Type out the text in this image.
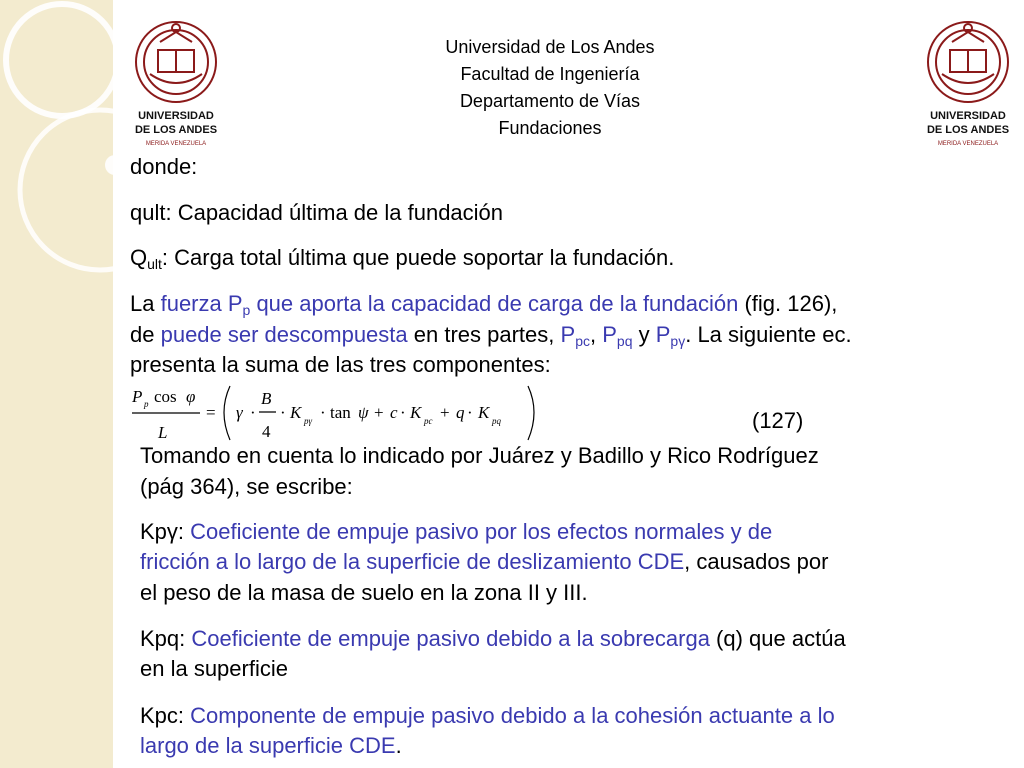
UNIVERSIDAD
DE LOS ANDES
MERIDA VENEZUELA
UNIVERSIDAD
DE LOS ANDES
MERIDA VENEZUELA
Universidad de Los Andes
Facultad de Ingeniería
Departamento de Vías
Fundaciones
donde:
qult: Capacidad última de la fundación
$Q_{ult}$: Carga total última que puede soportar la fundación.
La fuerza $P_p$ que aporta la capacidad de carga de la fundación (fig. 126),
de puede ser descompuesta en tres partes, $P_{pc}$, $P_{pq}$ y $P_{p\gamma}$. La siguiente ec.
presenta la suma de las tres componentes:
P p cos φ
L
= γ ·
B
4
· K pγ · tan ψ + c · K pc + q · K pq	(127)
Tomando en cuenta lo indicado por Juárez y Badillo y Rico Rodríguez
(pág 364), se escribe:
Kpγ: Coeficiente de empuje pasivo por los efectos normales y de
fricción a lo largo de la superficie de deslizamiento CDE, causados por
el peso de la masa de suelo en la zona II y III.
Kpq: Coeficiente de empuje pasivo debido a la sobrecarga (q) que actúa
en la superficie
Kpc: Componente de empuje pasivo debido a la cohesión actuante a lo
largo de la superficie CDE.
